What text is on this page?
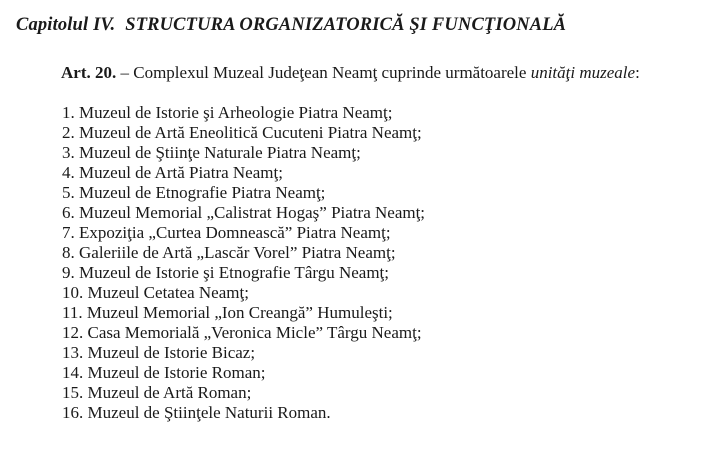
Capitolul IV. STRUCTURA ORGANIZATORICĂ ŞI FUNCŢIONALĂ

Art. 20. – Complexul Muzeal Judeţean Neamţ cuprinde următoarele unităţi muzeale:

1. Muzeul de Istorie şi Arheologie Piatra Neamţ;
2. Muzeul de Artă Eneolitică Cucuteni Piatra Neamţ;
3. Muzeul de Ştiinţe Naturale Piatra Neamţ;
4. Muzeul de Artă Piatra Neamţ;
5. Muzeul de Etnografie Piatra Neamţ;
6. Muzeul Memorial „Calistrat Hogaş” Piatra Neamţ;
7. Expoziţia „Curtea Domnească” Piatra Neamţ;
8. Galeriile de Artă „Lascăr Vorel” Piatra Neamţ;
9. Muzeul de Istorie şi Etnografie Târgu Neamţ;
10. Muzeul Cetatea Neamţ;
11. Muzeul Memorial „Ion Creangă” Humuleşti;
12. Casa Memorială „Veronica Micle” Târgu Neamţ;
13. Muzeul de Istorie Bicaz;
14. Muzeul de Istorie Roman;
15. Muzeul de Artă Roman;
16. Muzeul de Ştiinţele Naturii Roman.
